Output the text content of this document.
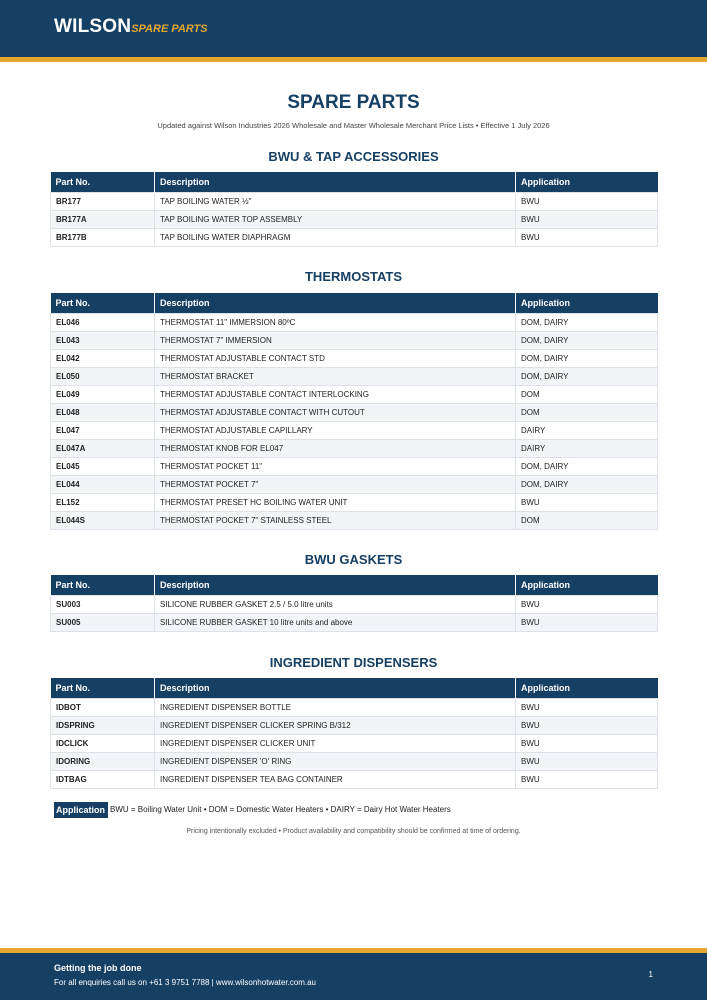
WILSONSPARE PARTS
SPARE PARTS
Updated against Wilson Industries 2026 Wholesale and Master Wholesale Merchant Price Lists • Effective 1 July 2026
BWU & TAP ACCESSORIES
Part No.	Description	Application
BR177	TAP BOILING WATER ½"	BWU
BR177A	TAP BOILING WATER TOP ASSEMBLY	BWU
BR177B	TAP BOILING WATER DIAPHRAGM	BWU
THERMOSTATS
Part No.	Description	Application
EL046	THERMOSTAT 11" IMMERSION 80ºC	DOM, DAIRY
EL043	THERMOSTAT 7" IMMERSION	DOM, DAIRY
EL042	THERMOSTAT ADJUSTABLE CONTACT STD	DOM, DAIRY
EL050	THERMOSTAT BRACKET	DOM, DAIRY
EL049	THERMOSTAT ADJUSTABLE CONTACT INTERLOCKING	DOM
EL048	THERMOSTAT ADJUSTABLE CONTACT WITH CUTOUT	DOM
EL047	THERMOSTAT ADJUSTABLE CAPILLARY	DAIRY
EL047A	THERMOSTAT KNOB FOR EL047	DAIRY
EL045	THERMOSTAT POCKET 11"	DOM, DAIRY
EL044	THERMOSTAT POCKET 7"	DOM, DAIRY
EL152	THERMOSTAT PRESET HC BOILING WATER UNIT	BWU
EL044S	THERMOSTAT POCKET 7" STAINLESS STEEL	DOM
BWU GASKETS
Part No.	Description	Application
SU003	SILICONE RUBBER GASKET 2.5 / 5.0 litre units	BWU
SU005	SILICONE RUBBER GASKET 10 litre units and above	BWU
INGREDIENT DISPENSERS
Part No.	Description	Application
IDBOT	INGREDIENT DISPENSER BOTTLE	BWU
IDSPRING	INGREDIENT DISPENSER CLICKER SPRING B/312	BWU
IDCLICK	INGREDIENT DISPENSER CLICKER UNIT	BWU
IDORING	INGREDIENT DISPENSER 'O' RING	BWU
IDTBAG	INGREDIENT DISPENSER TEA BAG CONTAINER	BWU
Application BWU = Boiling Water Unit • DOM = Domestic Water Heaters • DAIRY = Dairy Hot Water Heaters
Pricing intentionally excluded • Product availability and compatibility should be confirmed at time of ordering.
Getting the job done
For all enquiries call us on +61 3 9751 7788 | www.wilsonhotwater.com.au
1
